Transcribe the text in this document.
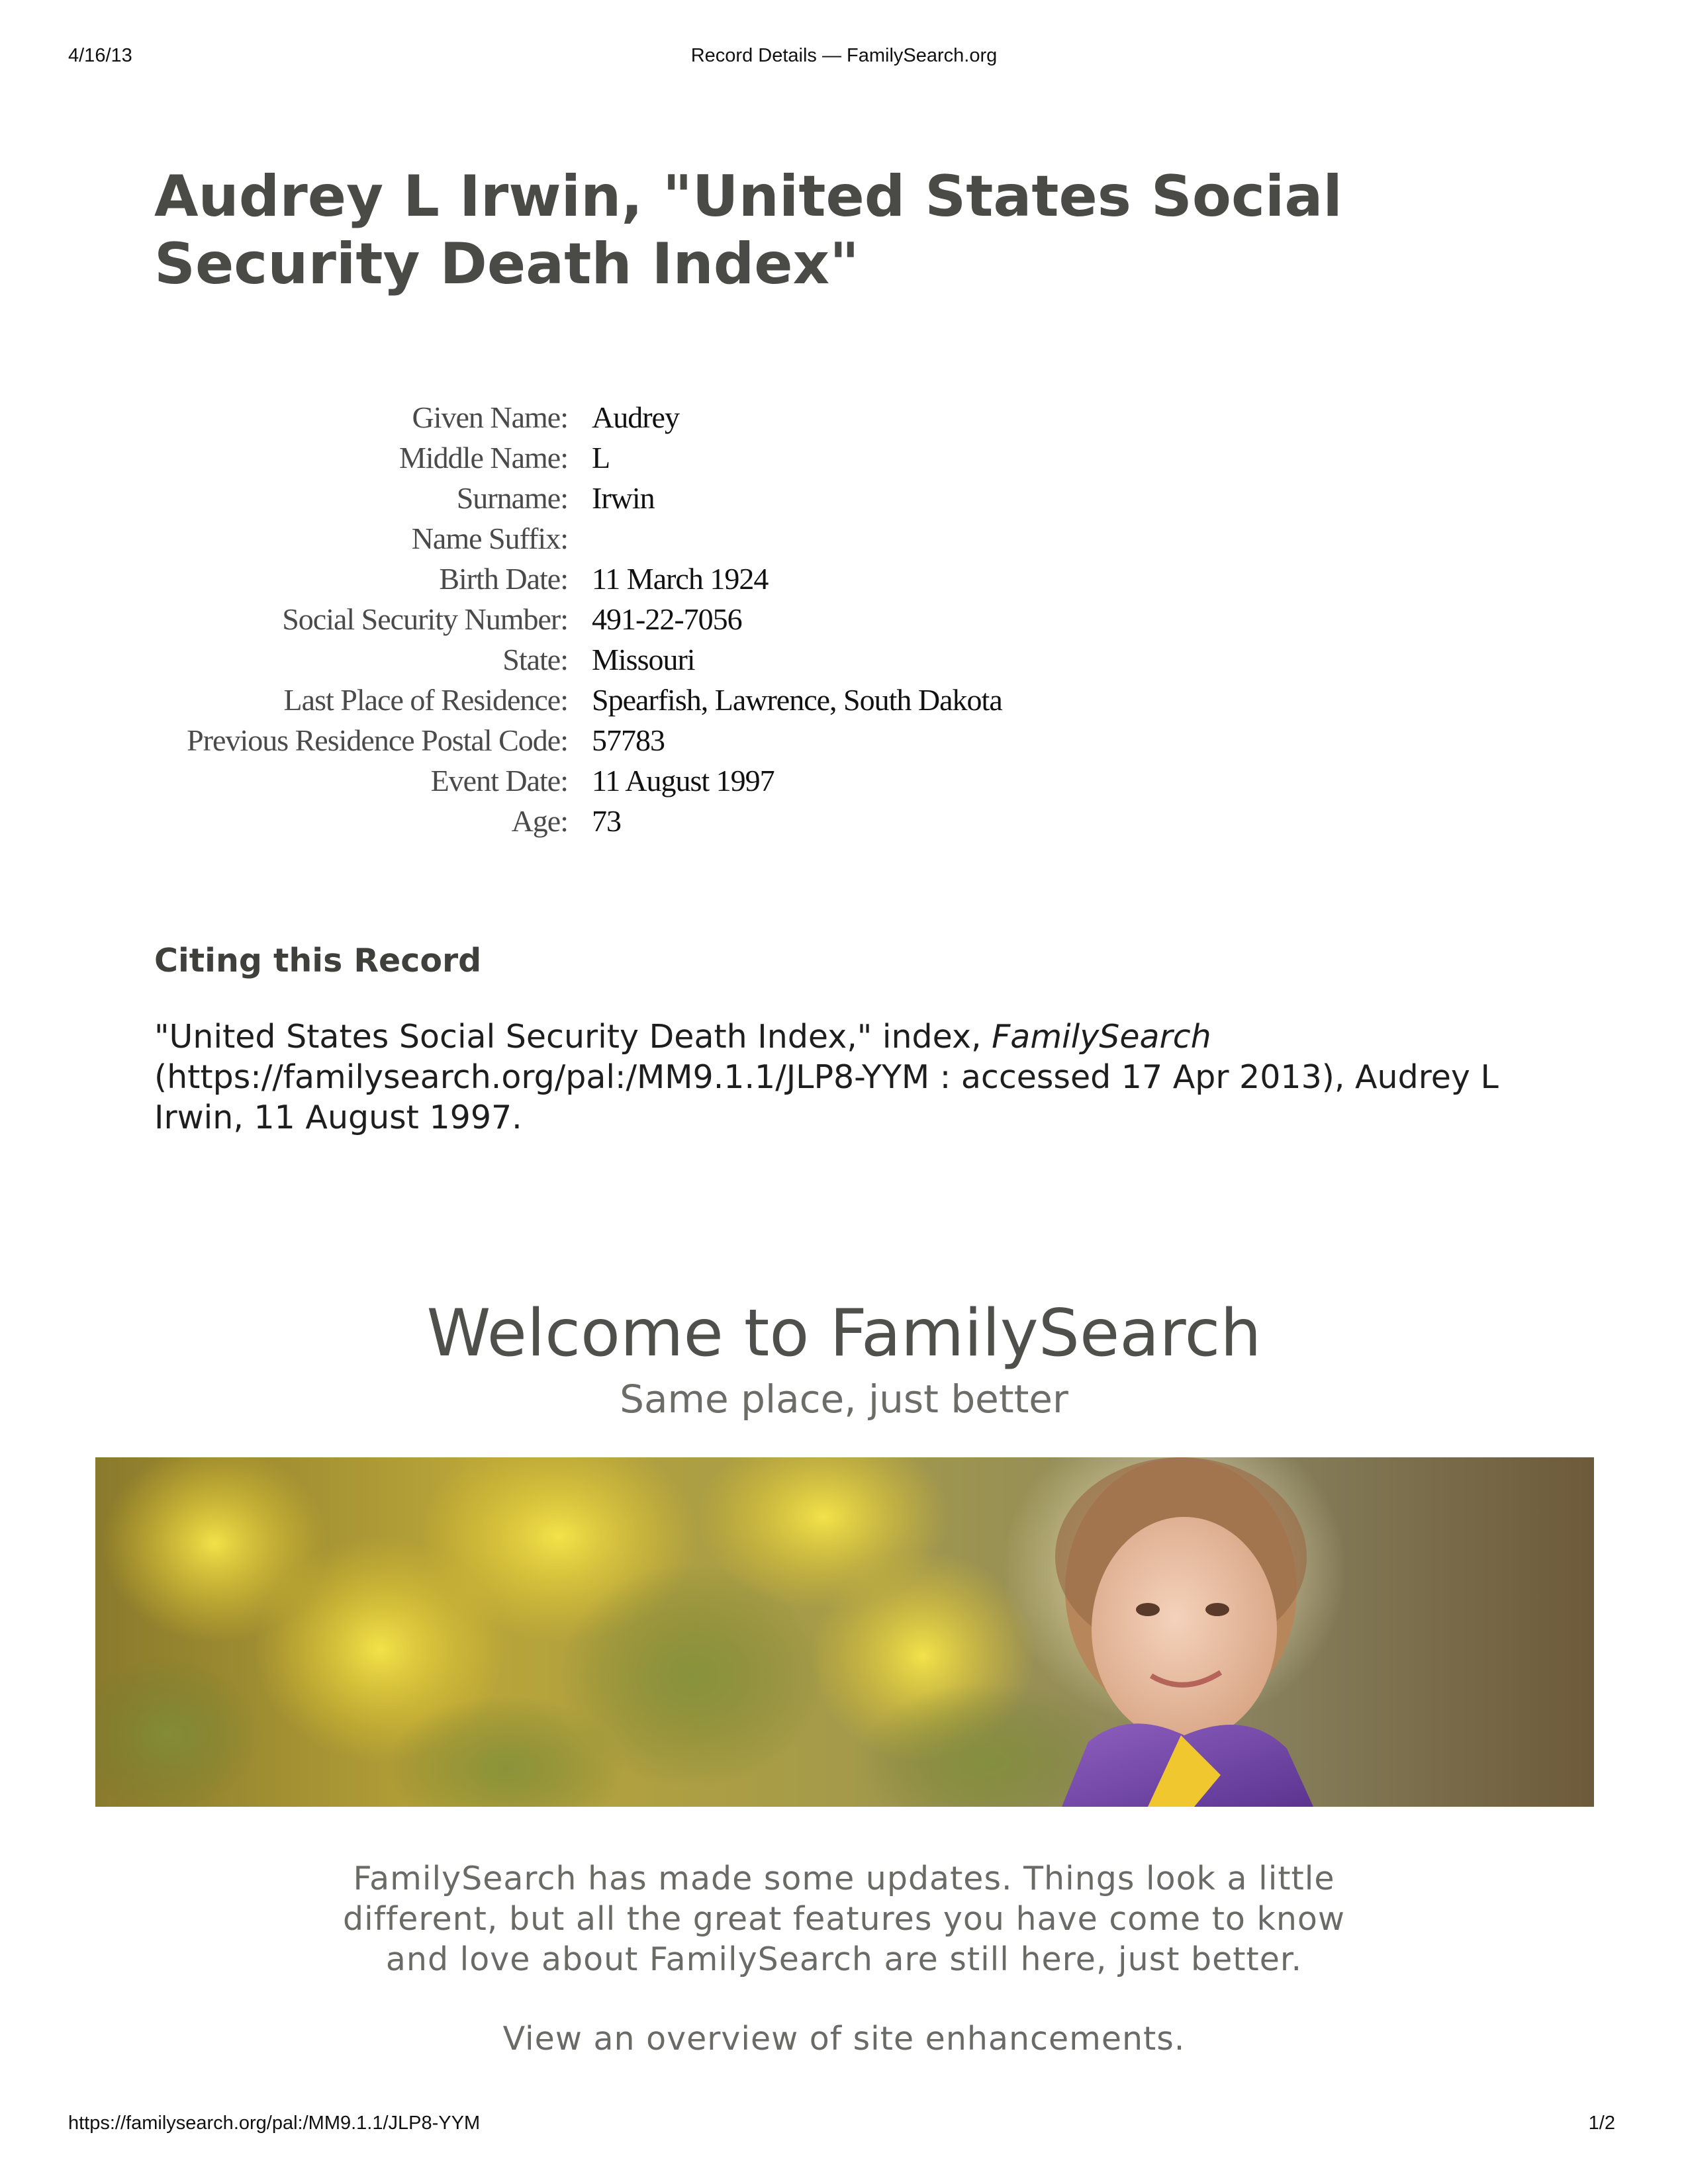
4/16/13	Record Details — FamilySearch.org
Audrey L Irwin, "United States Social Security Death Index"
Given Name: Audrey
Middle Name: L
Surname: Irwin
Name Suffix:
Birth Date: 11 March 1924
Social Security Number: 491-22-7056
State: Missouri
Last Place of Residence: Spearfish, Lawrence, South Dakota
Previous Residence Postal Code: 57783
Event Date: 11 August 1997
Age: 73
Citing this Record

"United States Social Security Death Index," index, FamilySearch (https://familysearch.org/pal:/MM9.1.1/JLP8-YYM : accessed 17 Apr 2013), Audrey L Irwin, 11 August 1997.

Welcome to FamilySearch
Same place, just better

FamilySearch has made some updates. Things look a little different, but all the great features you have come to know and love about FamilySearch are still here, just better.

View an overview of site enhancements.
https://familysearch.org/pal:/MM9.1.1/JLP8-YYM	1/2
